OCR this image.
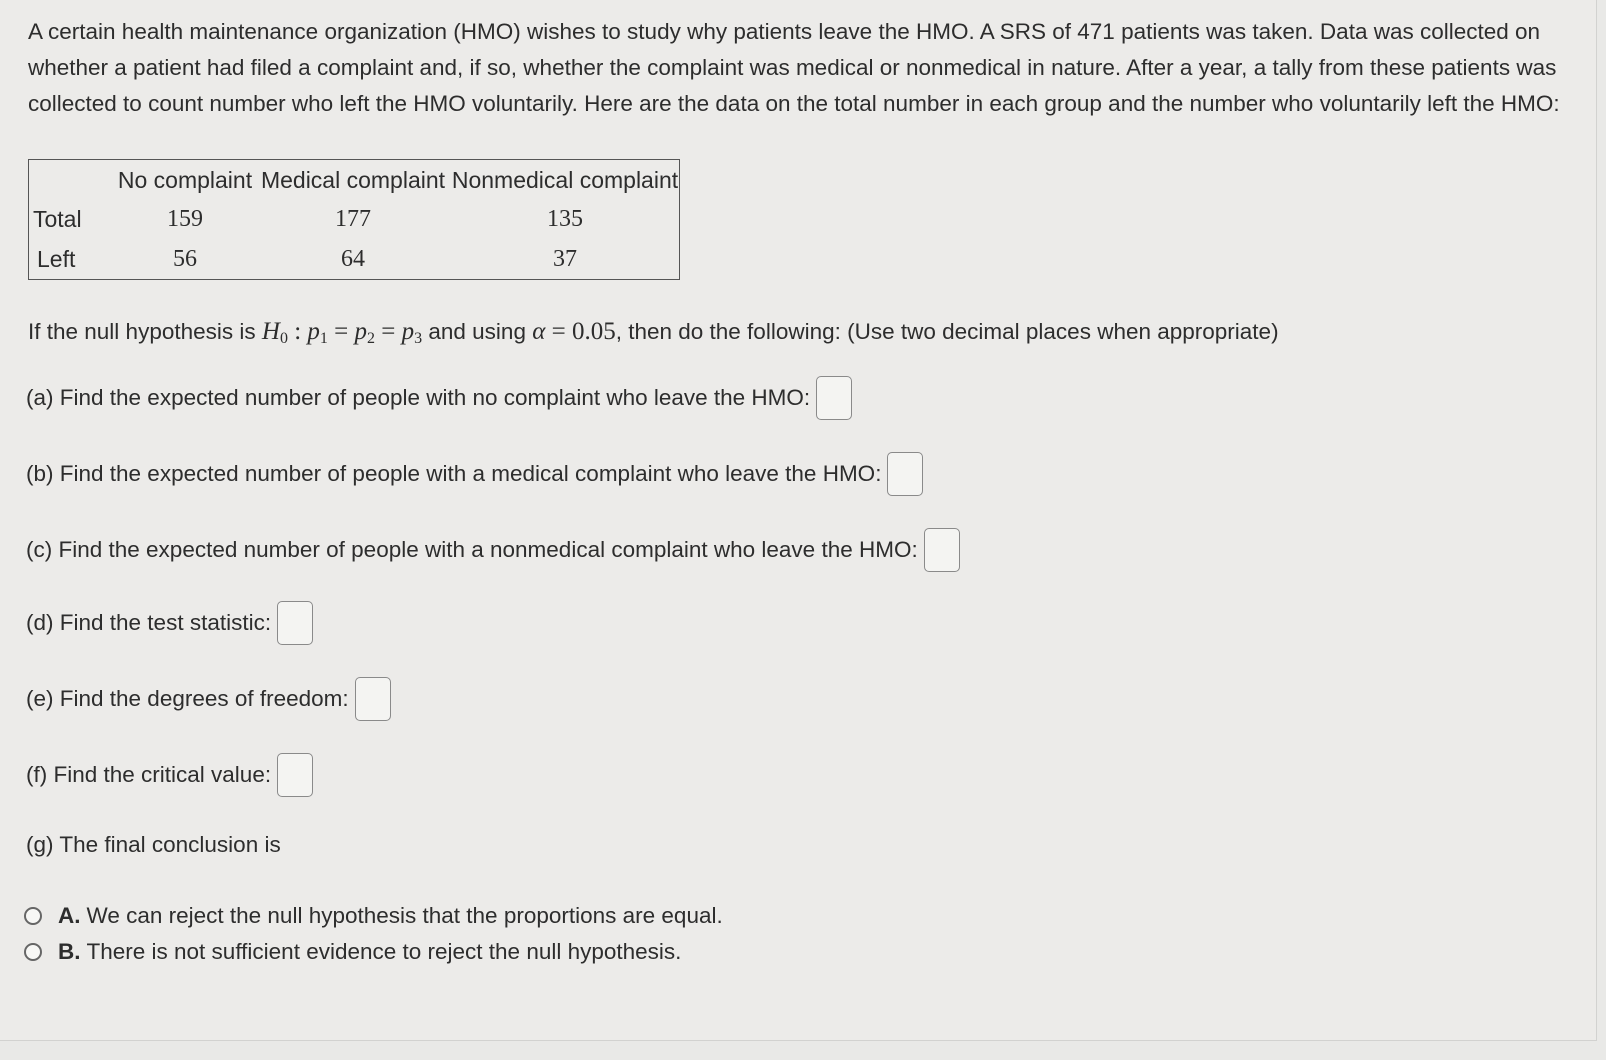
A certain health maintenance organization (HMO) wishes to study why patients leave the HMO. A SRS of 471 patients was taken. Data was collected on whether a patient had filed a complaint and, if so, whether the complaint was medical or nonmedical in nature. After a year, a tally from these patients was collected to count number who left the HMO voluntarily. Here are the data on the total number in each group and the number who voluntarily left the HMO:

	No complaint	Medical complaint	Nonmedical complaint
Total	159	177	135
Left	56	64	37
If the null hypothesis is $H_0$ : $p_1 = p_2 = p_3$ and using α = 0.05, then do the following: (Use two decimal places when appropriate)
(a) Find the expected number of people with no complaint who leave the HMO:
(b) Find the expected number of people with a medical complaint who leave the HMO:
(c) Find the expected number of people with a nonmedical complaint who leave the HMO:
(d) Find the test statistic:
(e) Find the degrees of freedom:
(f) Find the critical value:
(g) The final conclusion is
A. We can reject the null hypothesis that the proportions are equal.
B. There is not sufficient evidence to reject the null hypothesis.
